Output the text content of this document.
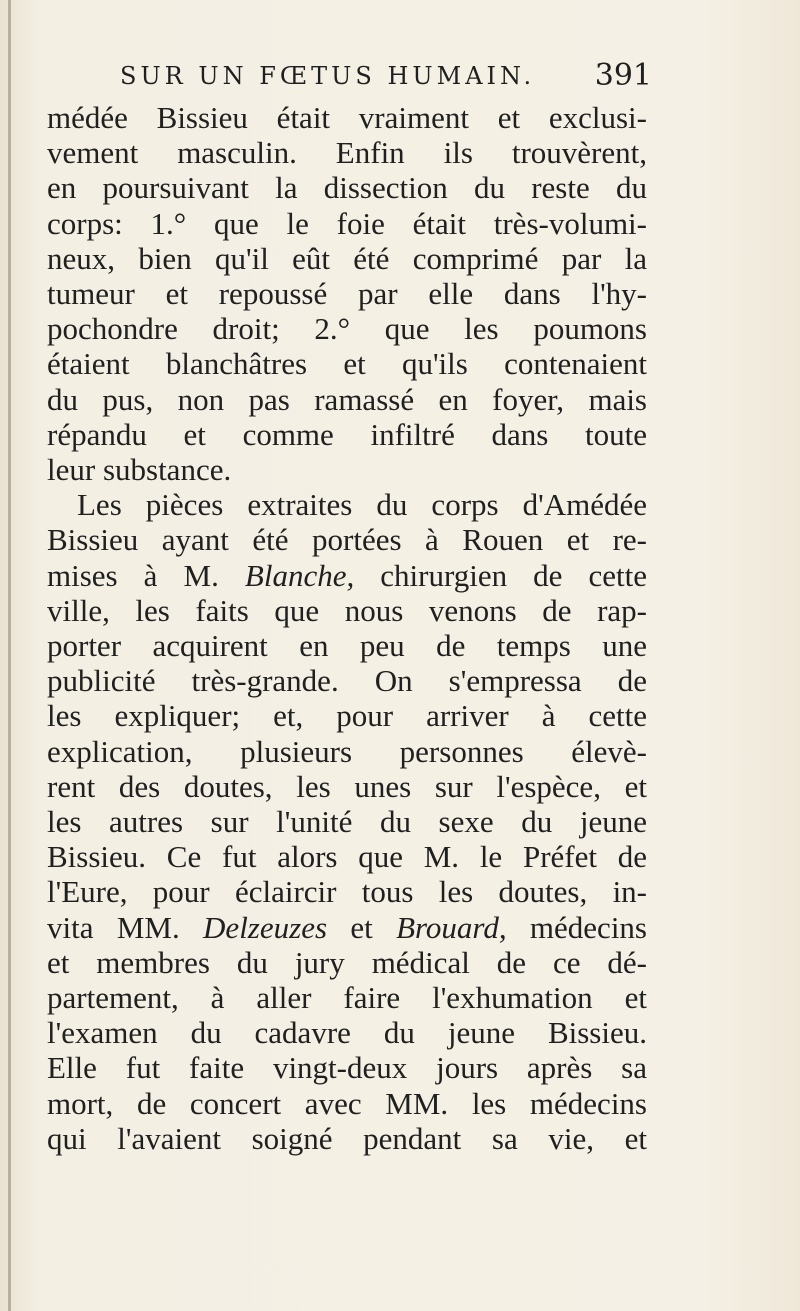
SUR UN FŒTUS HUMAIN. 391
médée Bissieu était vraiment et exclusi-
vement masculin. Enfin ils trouvèrent,
en poursuivant la dissection du reste du
corps: 1.° que le foie était très-volumi-
neux, bien qu'il eût été comprimé par la
tumeur et repoussé par elle dans l'hy-
pochondre droit; 2.° que les poumons
étaient blanchâtres et qu'ils contenaient
du pus, non pas ramassé en foyer, mais
répandu et comme infiltré dans toute
leur substance.
Les pièces extraites du corps d'Amédée
Bissieu ayant été portées à Rouen et re-
mises à M. Blanche, chirurgien de cette
ville, les faits que nous venons de rap-
porter acquirent en peu de temps une
publicité très-grande. On s'empressa de
les expliquer; et, pour arriver à cette
explication, plusieurs personnes élevè-
rent des doutes, les unes sur l'espèce, et
les autres sur l'unité du sexe du jeune
Bissieu. Ce fut alors que M. le Préfet de
l'Eure, pour éclaircir tous les doutes, in-
vita MM. Delzeuzes et Brouard, médecins
et membres du jury médical de ce dé-
partement, à aller faire l'exhumation et
l'examen du cadavre du jeune Bissieu.
Elle fut faite vingt-deux jours après sa
mort, de concert avec MM. les médecins
qui l'avaient soigné pendant sa vie, et
